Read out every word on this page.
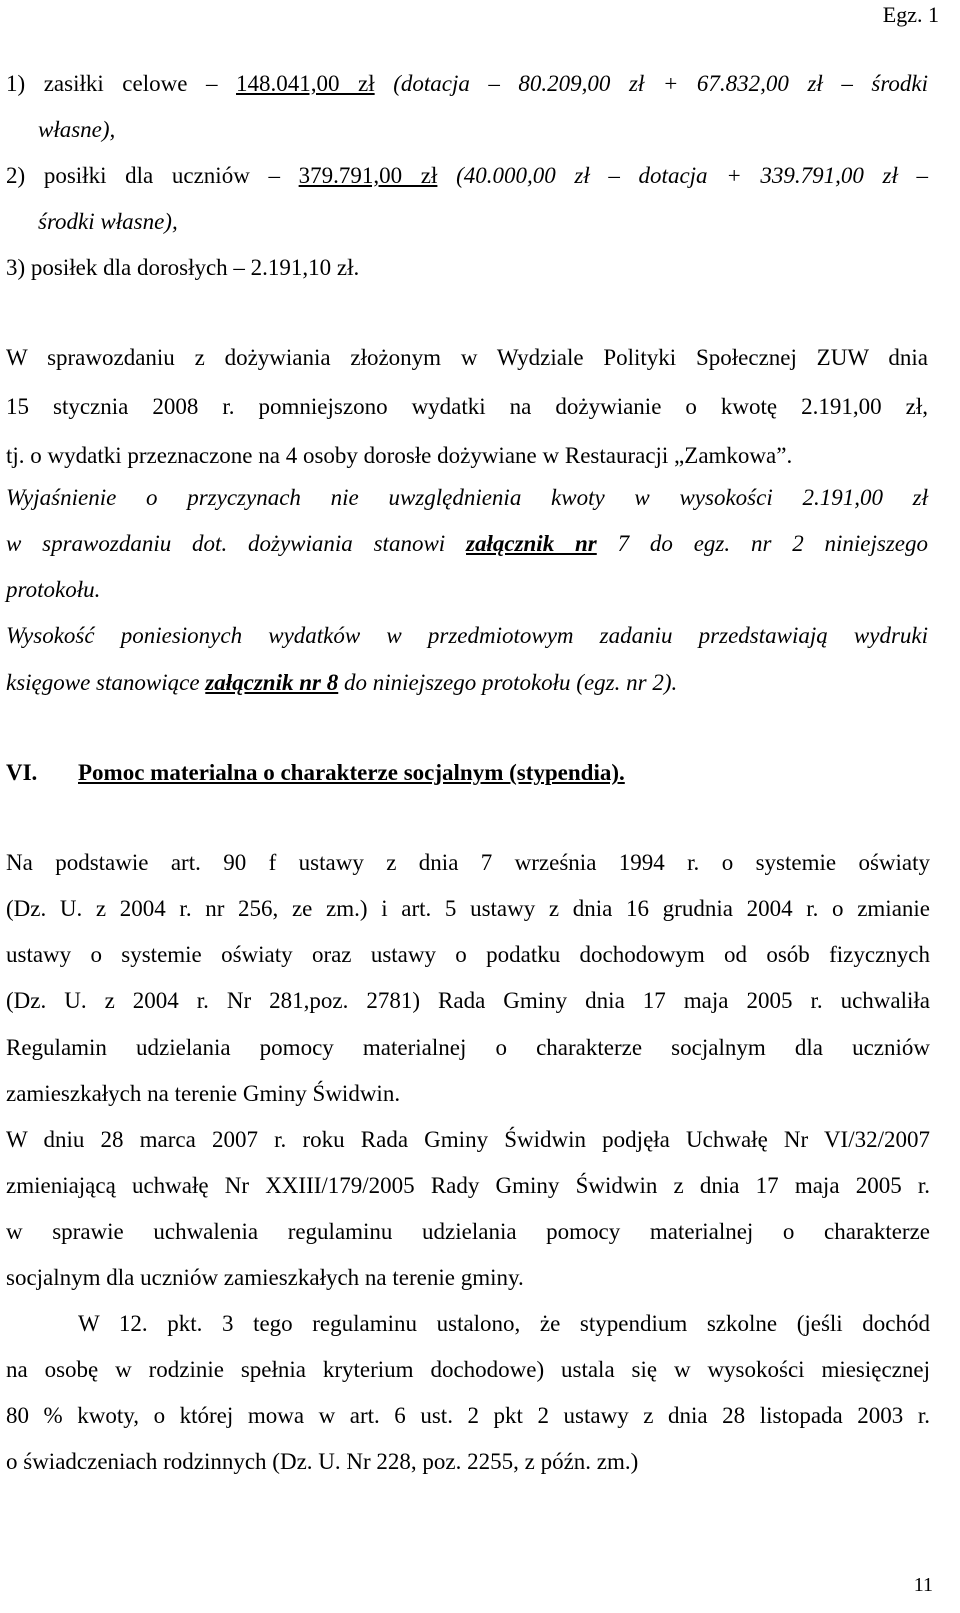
Egz. 1
1) zasiłki celowe – 148.041,00 zł (dotacja – 80.209,00 zł + 67.832,00 zł – środki
własne),
2) posiłki dla uczniów – 379.791,00 zł (40.000,00 zł – dotacja + 339.791,00 zł –
środki własne),
3) posiłek dla dorosłych – 2.191,10 zł.
W sprawozdaniu z dożywiania złożonym w Wydziale Polityki Społecznej ZUW dnia
15 stycznia 2008 r. pomniejszono wydatki na dożywianie o kwotę 2.191,00 zł,
tj. o wydatki przeznaczone na 4 osoby dorosłe dożywiane w Restauracji „Zamkowa”.
Wyjaśnienie o przyczynach nie uwzględnienia kwoty w wysokości 2.191,00 zł
w sprawozdaniu dot. dożywiania stanowi załącznik nr 7 do egz. nr 2 niniejszego
protokołu.
Wysokość poniesionych wydatków w przedmiotowym zadaniu przedstawiają wydruki
księgowe stanowiące załącznik nr 8 do niniejszego protokołu (egz. nr 2).
VI. Pomoc materialna o charakterze socjalnym (stypendia).
Na podstawie art. 90 f ustawy z dnia 7 września 1994 r. o systemie oświaty
(Dz. U. z 2004 r. nr 256, ze zm.) i art. 5 ustawy z dnia 16 grudnia 2004 r. o zmianie
ustawy o systemie oświaty oraz ustawy o podatku dochodowym od osób fizycznych
(Dz. U. z 2004 r. Nr 281,poz. 2781) Rada Gminy dnia 17 maja 2005 r. uchwaliła
Regulamin udzielania pomocy materialnej o charakterze socjalnym dla uczniów
zamieszkałych na terenie Gminy Świdwin.
W dniu 28 marca 2007 r. roku Rada Gminy Świdwin podjęła Uchwałę Nr VI/32/2007
zmieniającą uchwałę Nr XXIII/179/2005 Rady Gminy Świdwin z dnia 17 maja 2005 r.
w sprawie uchwalenia regulaminu udzielania pomocy materialnej o charakterze
socjalnym dla uczniów zamieszkałych na terenie gminy.
W 12. pkt. 3 tego regulaminu ustalono, że stypendium szkolne (jeśli dochód
na osobę w rodzinie spełnia kryterium dochodowe) ustala się w wysokości miesięcznej
80 % kwoty, o której mowa w art. 6 ust. 2 pkt 2 ustawy z dnia 28 listopada 2003 r.
o świadczeniach rodzinnych (Dz. U. Nr 228, poz. 2255, z późn. zm.)
11
